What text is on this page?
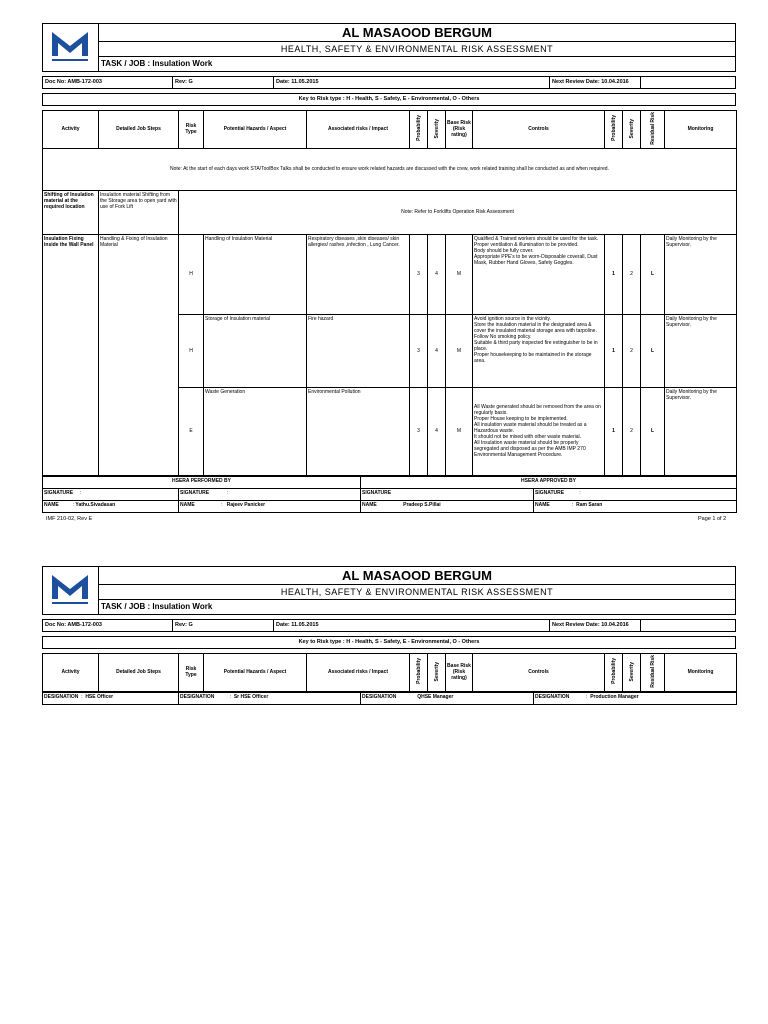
AL MASAOOD BERGUM
HEALTH, SAFETY & ENVIRONMENTAL RISK ASSESSMENT
TASK / JOB : Insulation Work
Doc No: AMB-172-003	Rev: G	Date: 11.05.2015	Next Review Date: 10.04.2016
Key to Risk type : H - Health, S - Safety, E - Environmental, O - Others
Activity	Detailed Job Steps	Risk Type	Potential Hazards / Aspect	Associated risks / Impact	Probability	Severity	Base Risk (Risk rating)	Controls	Probability	Severity	Residual Risk	Monitoring
Note: At the start of each days work STA/ToolBox Talks shall be conducted to ensure work related hazards are discussed with the crew, work related training shall be conducted as and when required.												
Shifting of Insulation material at the required location	Insulation material Shifting from the Storage area to open yard with use of Fork Lift	Note: Refer to Forklifts Operation Risk Assessment										
Insulation Fixing inside the Wall Panel	Handling & Fixing of Insulation Material	H	Handling of Insulation Material	Respiratory diseases ,skin diseases/ skin allergies/ rashes ,infection , Lung Cancer.	3	4	M	Qualified & Trained workers should be used for the task.
Proper ventilation & illumination to be provided.
Body should be fully cover.
Appropriate PPE's to be worn-Disposable coverall, Dust Mask, Rubber Hand Gloves, Safety Goggles.	1	2	L	Daily Monitoring by the Supervisor.
		H	Storage of Insulation material	Fire hazard	3	4	M	Avoid ignition source in the vicinity.
Store the insulation material in the designated area & cover the insulated material storage area with tarpoline.
Follow No smoking policy.
Suitable & third party inspected fire extinguisher to be in place.
Proper housekeeping to be maintained in the storage area.	1	2	L	Daily Monitoring by the Supervisor.
		E	Waste Generation	Environmental Pollution	3	4	M	All Waste generated should be removed from the area on regularly basis.
Proper House keeping to be implemented.
All insulation waste material should be treated as a Hazardous waste.
It should not be mixed with other waste material.
All Insulation waste material should be properly segregated and disposed as per the AMB IMP 270 Environmental Management Procedure.	1	2	L	Daily Monitoring by the Supervisor.
HSERA PERFORMED BY		HSERA APPROVED BY	
SIGNATURE :	SIGNATURE :	SIGNATURE	SIGNATURE :
NAME : Yathu.Sivadasan	NAME : Rajeev Panicker	NAME Pradeep S.Pillai	NAME : Ram Saran
IMF 210-02, Rev E	Page 1 of 2
AL MASAOOD BERGUM
HEALTH, SAFETY & ENVIRONMENTAL RISK ASSESSMENT
TASK / JOB : Insulation Work
Doc No: AMB-172-003	Rev: G	Date: 11.05.2015	Next Review Date: 10.04.2016
Key to Risk type : H - Health, S - Safety, E - Environmental, O - Others
Activity	Detailed Job Steps	Risk Type	Potential Hazards / Aspect	Associated risks / Impact	Probability	Severity	Base Risk (Risk rating)	Controls	Probability	Severity	Residual Risk	Monitoring
DESIGNATION : HSE Officer	DESIGNATION	: Sr HSE Officer	DESIGNATION	QHSE Manager	DESIGNATION	: Production Manager
